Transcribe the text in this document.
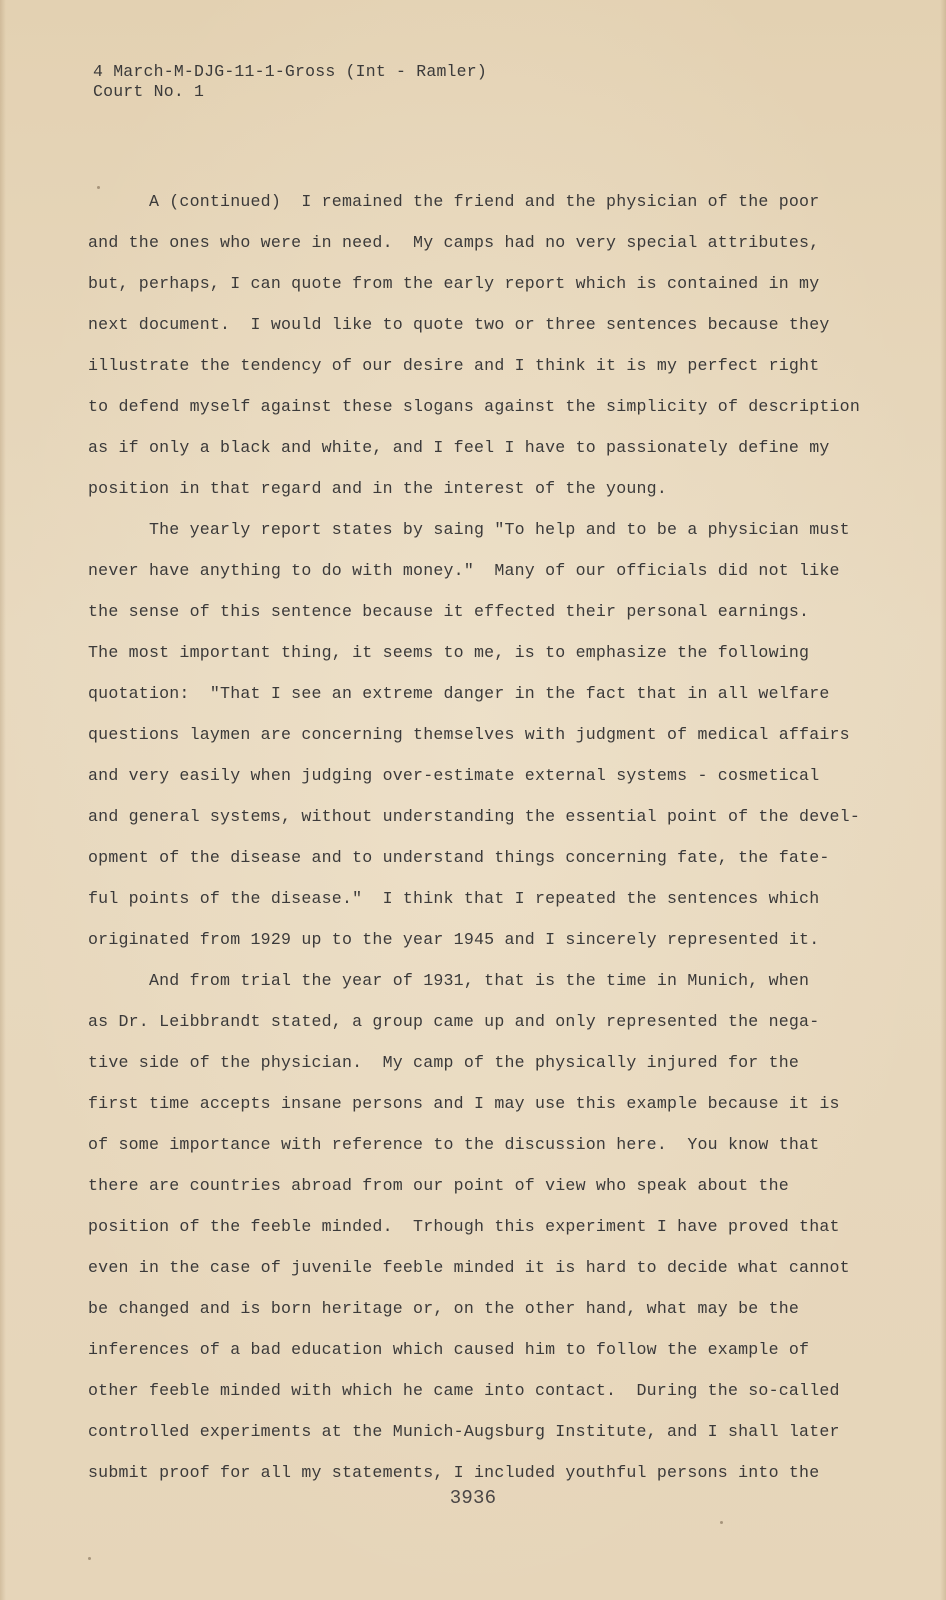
4 March-M-DJG-11-1-Gross (Int - Ramler)
Court No. 1
A (continued)  I remained the friend and the physician of the poor
and the ones who were in need.  My camps had no very special attributes,
but, perhaps, I can quote from the early report which is contained in my
next document.  I would like to quote two or three sentences because they
illustrate the tendency of our desire and I think it is my perfect right
to defend myself against these slogans against the simplicity of description
as if only a black and white, and I feel I have to passionately define my
position in that regard and in the interest of the young.
The yearly report states by saing "To help and to be a physician must
never have anything to do with money."  Many of our officials did not like
the sense of this sentence because it effected their personal earnings.
The most important thing, it seems to me, is to emphasize the following
quotation:  "That I see an extreme danger in the fact that in all welfare
questions laymen are concerning themselves with judgment of medical affairs
and very easily when judging over-estimate external systems - cosmetical
and general systems, without understanding the essential point of the devel-
opment of the disease and to understand things concerning fate, the fate-
ful points of the disease."  I think that I repeated the sentences which
originated from 1929 up to the year 1945 and I sincerely represented it.
And from trial the year of 1931, that is the time in Munich, when
as Dr. Leibbrandt stated, a group came up and only represented the nega-
tive side of the physician.  My camp of the physically injured for the
first time accepts insane persons and I may use this example because it is
of some importance with reference to the discussion here.  You know that
there are countries abroad from our point of view who speak about the
position of the feeble minded.  Trhough this experiment I have proved that
even in the case of juvenile feeble minded it is hard to decide what cannot
be changed and is born heritage or, on the other hand, what may be the
inferences of a bad education which caused him to follow the example of
other feeble minded with which he came into contact.  During the so-called
controlled experiments at the Munich-Augsburg Institute, and I shall later
submit proof for all my statements, I included youthful persons into the
3936
